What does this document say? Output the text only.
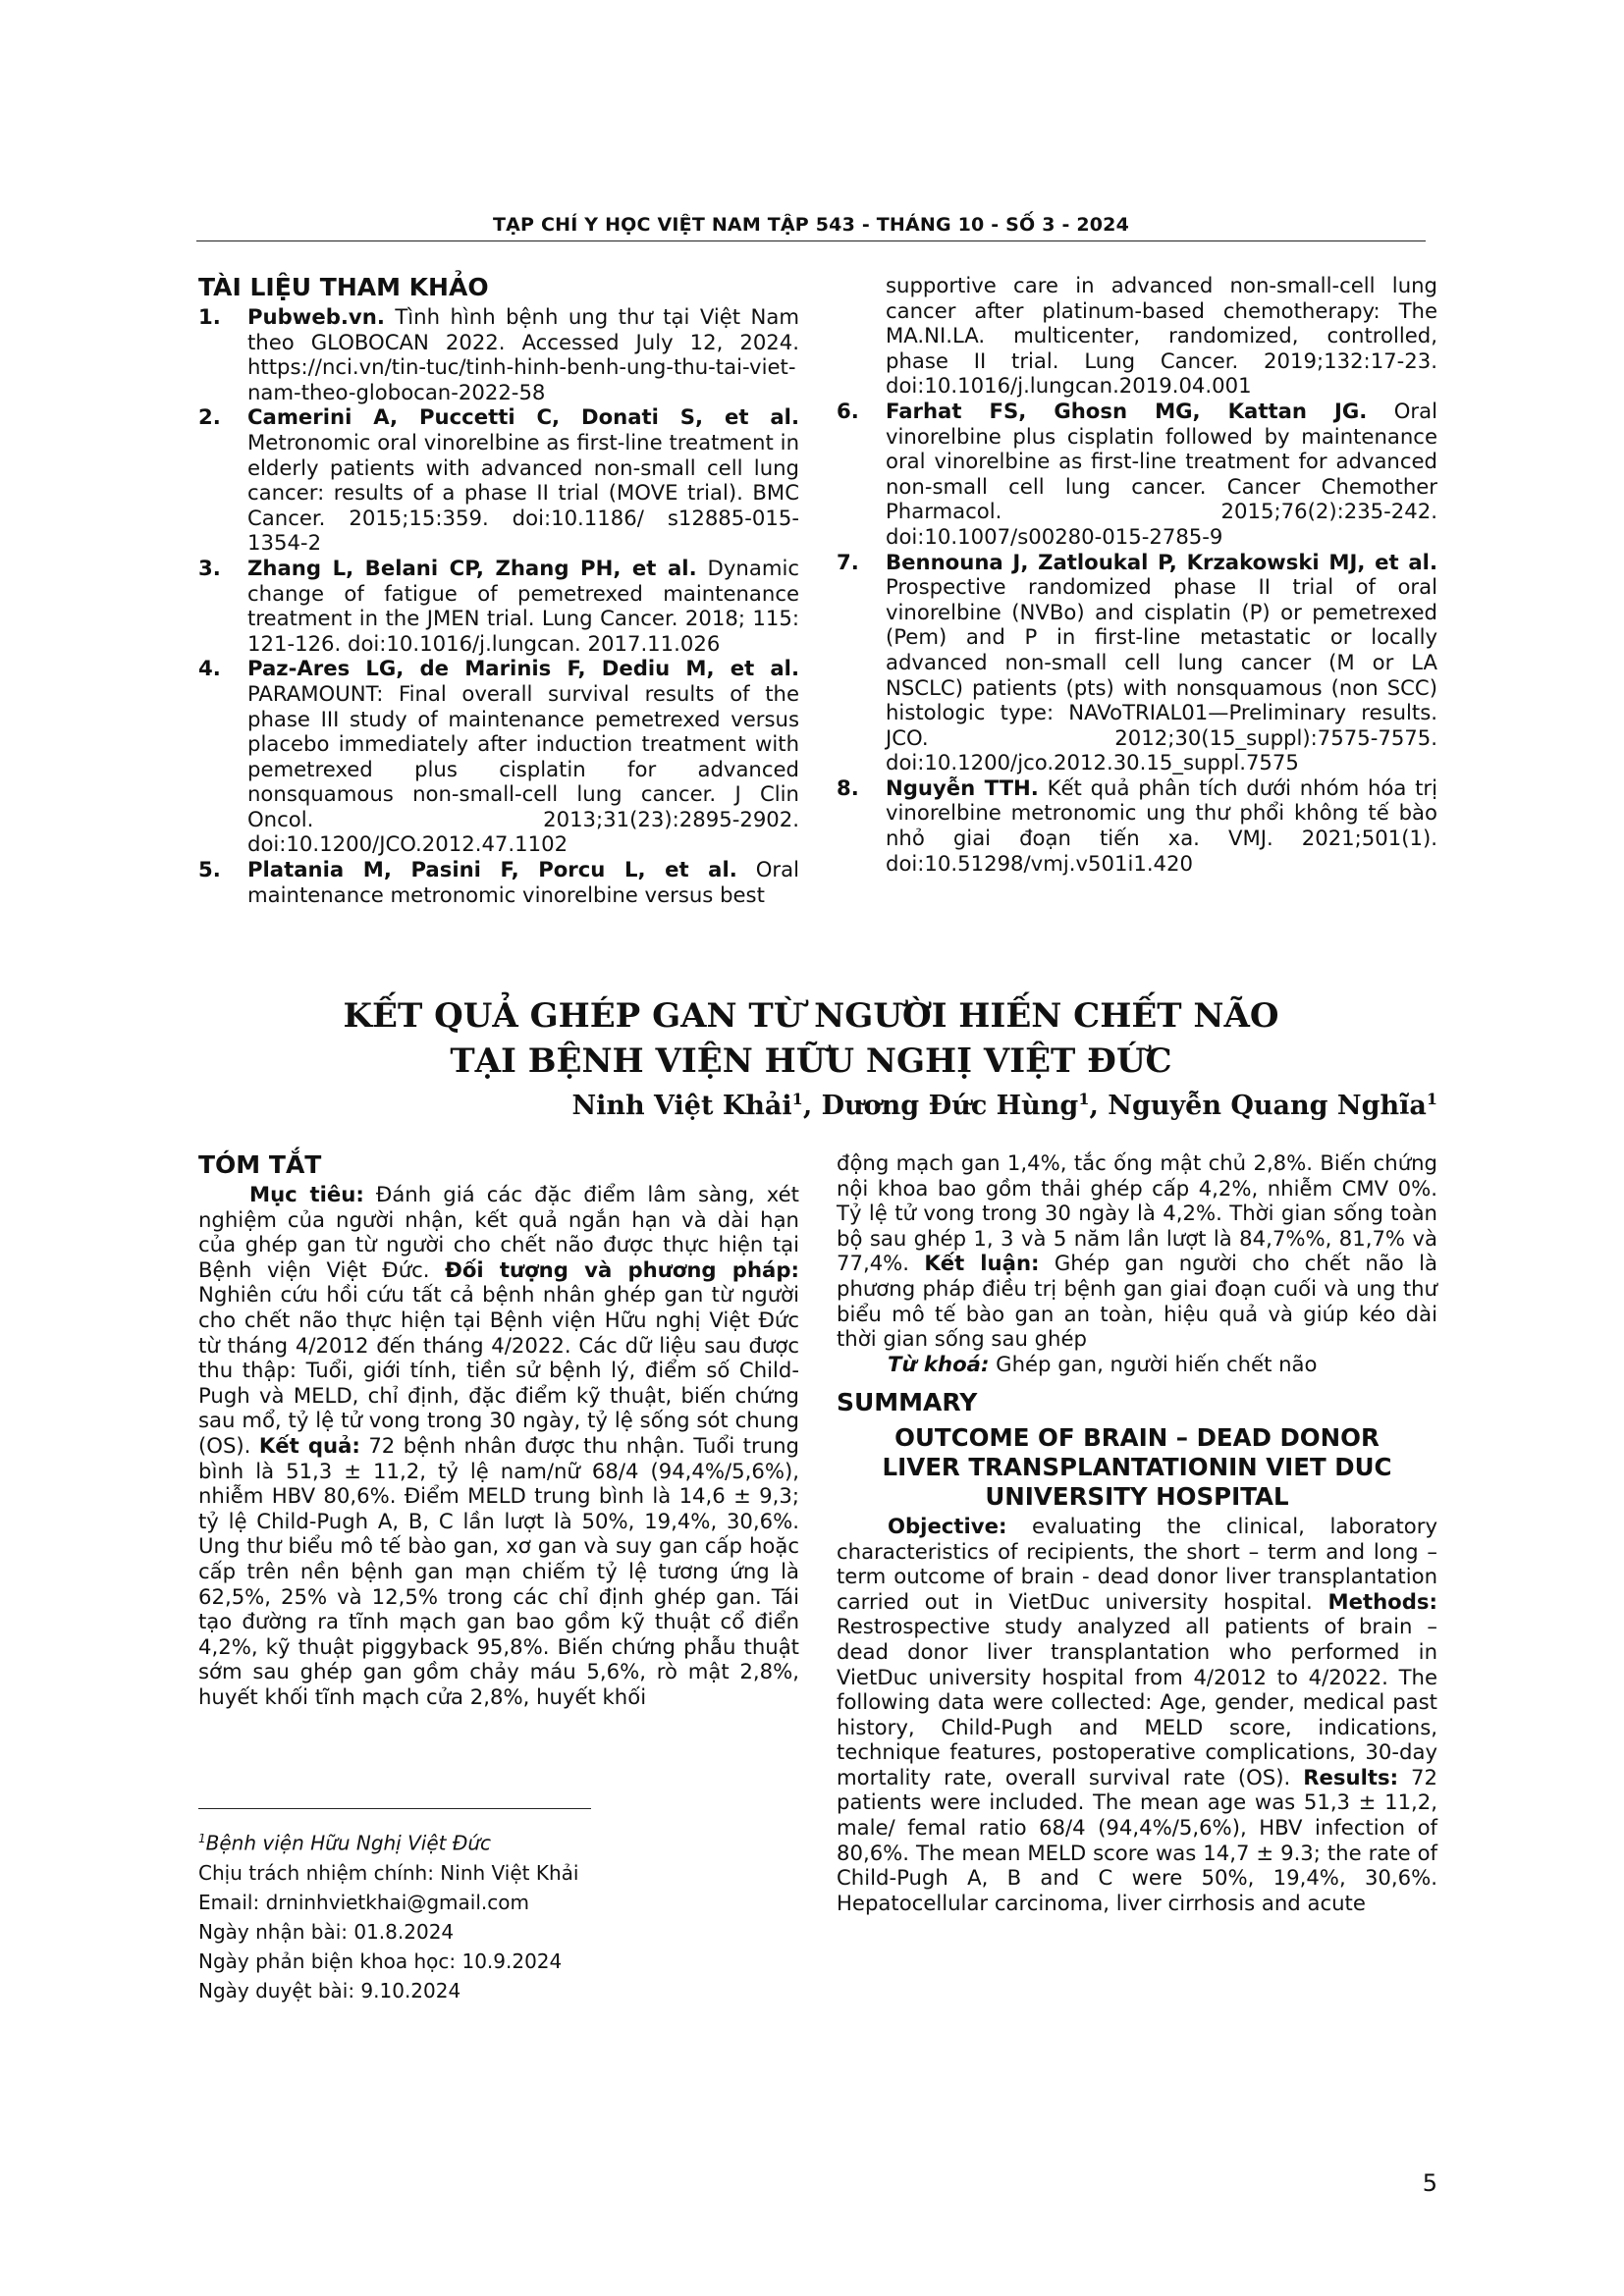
TẠP CHÍ Y HỌC VIỆT NAM TẬP 543 - THÁNG 10 - SỐ 3 - 2024
TÀI LIỆU THAM KHẢO

1. Pubweb.vn. Tình hình bệnh ung thư tại Việt Nam theo GLOBOCAN 2022. Accessed July 12, 2024. https://nci.vn/tin-tuc/tinh-hinh-benh-ung-thu-tai-viet-nam-theo-globocan-2022-58

2. Camerini A, Puccetti C, Donati S, et al. Metronomic oral vinorelbine as first-line treatment in elderly patients with advanced non-small cell lung cancer: results of a phase II trial (MOVE trial). BMC Cancer. 2015;15:359. doi:10.1186/ s12885-015-1354-2

3. Zhang L, Belani CP, Zhang PH, et al. Dynamic change of fatigue of pemetrexed maintenance treatment in the JMEN trial. Lung Cancer. 2018; 115: 121-126. doi:10.1016/j.lungcan. 2017.11.026

4. Paz-Ares LG, de Marinis F, Dediu M, et al. PARAMOUNT: Final overall survival results of the phase III study of maintenance pemetrexed versus placebo immediately after induction treatment with pemetrexed plus cisplatin for advanced nonsquamous non-small-cell lung cancer. J Clin Oncol. 2013;31(23):2895-2902. doi:10.1200/JCO.2012.47.1102

5. Platania M, Pasini F, Porcu L, et al. Oral maintenance metronomic vinorelbine versus best

supportive care in advanced non-small-cell lung cancer after platinum-based chemotherapy: The MA.NI.LA. multicenter, randomized, controlled, phase II trial. Lung Cancer. 2019;132:17-23. doi:10.1016/j.lungcan.2019.04.001

6. Farhat FS, Ghosn MG, Kattan JG. Oral vinorelbine plus cisplatin followed by maintenance oral vinorelbine as first-line treatment for advanced non-small cell lung cancer. Cancer Chemother Pharmacol. 2015;76(2):235-242. doi:10.1007/s00280-015-2785-9

7. Bennouna J, Zatloukal P, Krzakowski MJ, et al. Prospective randomized phase II trial of oral vinorelbine (NVBo) and cisplatin (P) or pemetrexed (Pem) and P in first-line metastatic or locally advanced non-small cell lung cancer (M or LA NSCLC) patients (pts) with nonsquamous (non SCC) histologic type: NAVoTRIAL01—Preliminary results. JCO. 2012;30(15_suppl):7575-7575. doi:10.1200/jco.2012.30.15_suppl.7575

8. Nguyễn TTH. Kết quả phân tích dưới nhóm hóa trị vinorelbine metronomic ung thư phổi không tế bào nhỏ giai đoạn tiến xa. VMJ. 2021;501(1). doi:10.51298/vmj.v501i1.420

KẾT QUẢ GHÉP GAN TỪ NGƯỜI HIẾN CHẾT NÃO
TẠI BỆNH VIỆN HỮU NGHỊ VIỆT ĐỨC
Ninh Việt Khải$^1$, Dương Đức Hùng$^1$, Nguyễn Quang Nghĩa$^1$
TÓM TẮT

Mục tiêu: Đánh giá các đặc điểm lâm sàng, xét nghiệm của người nhận, kết quả ngắn hạn và dài hạn của ghép gan từ người cho chết não được thực hiện tại Bệnh viện Việt Đức. Đối tượng và phương pháp: Nghiên cứu hồi cứu tất cả bệnh nhân ghép gan từ người cho chết não thực hiện tại Bệnh viện Hữu nghị Việt Đức từ tháng 4/2012 đến tháng 4/2022. Các dữ liệu sau được thu thập: Tuổi, giới tính, tiền sử bệnh lý, điểm số Child-Pugh và MELD, chỉ định, đặc điểm kỹ thuật, biến chứng sau mổ, tỷ lệ tử vong trong 30 ngày, tỷ lệ sống sót chung (OS). Kết quả: 72 bệnh nhân được thu nhận. Tuổi trung bình là 51,3 ± 11,2, tỷ lệ nam/nữ 68/4 (94,4%/5,6%), nhiễm HBV 80,6%. Điểm MELD trung bình là 14,6 ± 9,3; tỷ lệ Child-Pugh A, B, C lần lượt là 50%, 19,4%, 30,6%. Ung thư biểu mô tế bào gan, xơ gan và suy gan cấp hoặc cấp trên nền bệnh gan mạn chiếm tỷ lệ tương ứng là 62,5%, 25% và 12,5% trong các chỉ định ghép gan. Tái tạo đường ra tĩnh mạch gan bao gồm kỹ thuật cổ điển 4,2%, kỹ thuật piggyback 95,8%. Biến chứng phẫu thuật sớm sau ghép gan gồm chảy máu 5,6%, rò mật 2,8%, huyết khối tĩnh mạch cửa 2,8%, huyết khối

động mạch gan 1,4%, tắc ống mật chủ 2,8%. Biến chứng nội khoa bao gồm thải ghép cấp 4,2%, nhiễm CMV 0%. Tỷ lệ tử vong trong 30 ngày là 4,2%. Thời gian sống toàn bộ sau ghép 1, 3 và 5 năm lần lượt là 84,7%%, 81,7% và 77,4%. Kết luận: Ghép gan người cho chết não là phương pháp điều trị bệnh gan giai đoạn cuối và ung thư biểu mô tế bào gan an toàn, hiệu quả và giúp kéo dài thời gian sống sau ghép

Từ khoá: Ghép gan, người hiến chết não

SUMMARY
OUTCOME OF BRAIN – DEAD DONOR
LIVER TRANSPLANTATIONIN VIET DUC
UNIVERSITY HOSPITAL

Objective: evaluating the clinical, laboratory characteristics of recipients, the short – term and long – term outcome of brain - dead donor liver transplantation carried out in VietDuc university hospital. Methods: Restrospective study analyzed all patients of brain – dead donor liver transplantation who performed in VietDuc university hospital from 4/2012 to 4/2022. The following data were collected: Age, gender, medical past history, Child-Pugh and MELD score, indications, technique features, postoperative complications, 30-day mortality rate, overall survival rate (OS). Results: 72 patients were included. The mean age was 51,3 ± 11,2, male/ femal ratio 68/4 (94,4%/5,6%), HBV infection of 80,6%. The mean MELD score was 14,7 ± 9.3; the rate of Child-Pugh A, B and C were 50%, 19,4%, 30,6%. Hepatocellular carcinoma, liver cirrhosis and acute

$^1$Bệnh viện Hữu Nghị Việt Đức
Chịu trách nhiệm chính: Ninh Việt Khải
Email: drninhvietkhai@gmail.com
Ngày nhận bài: 01.8.2024
Ngày phản biện khoa học: 10.9.2024
Ngày duyệt bài: 9.10.2024
5
